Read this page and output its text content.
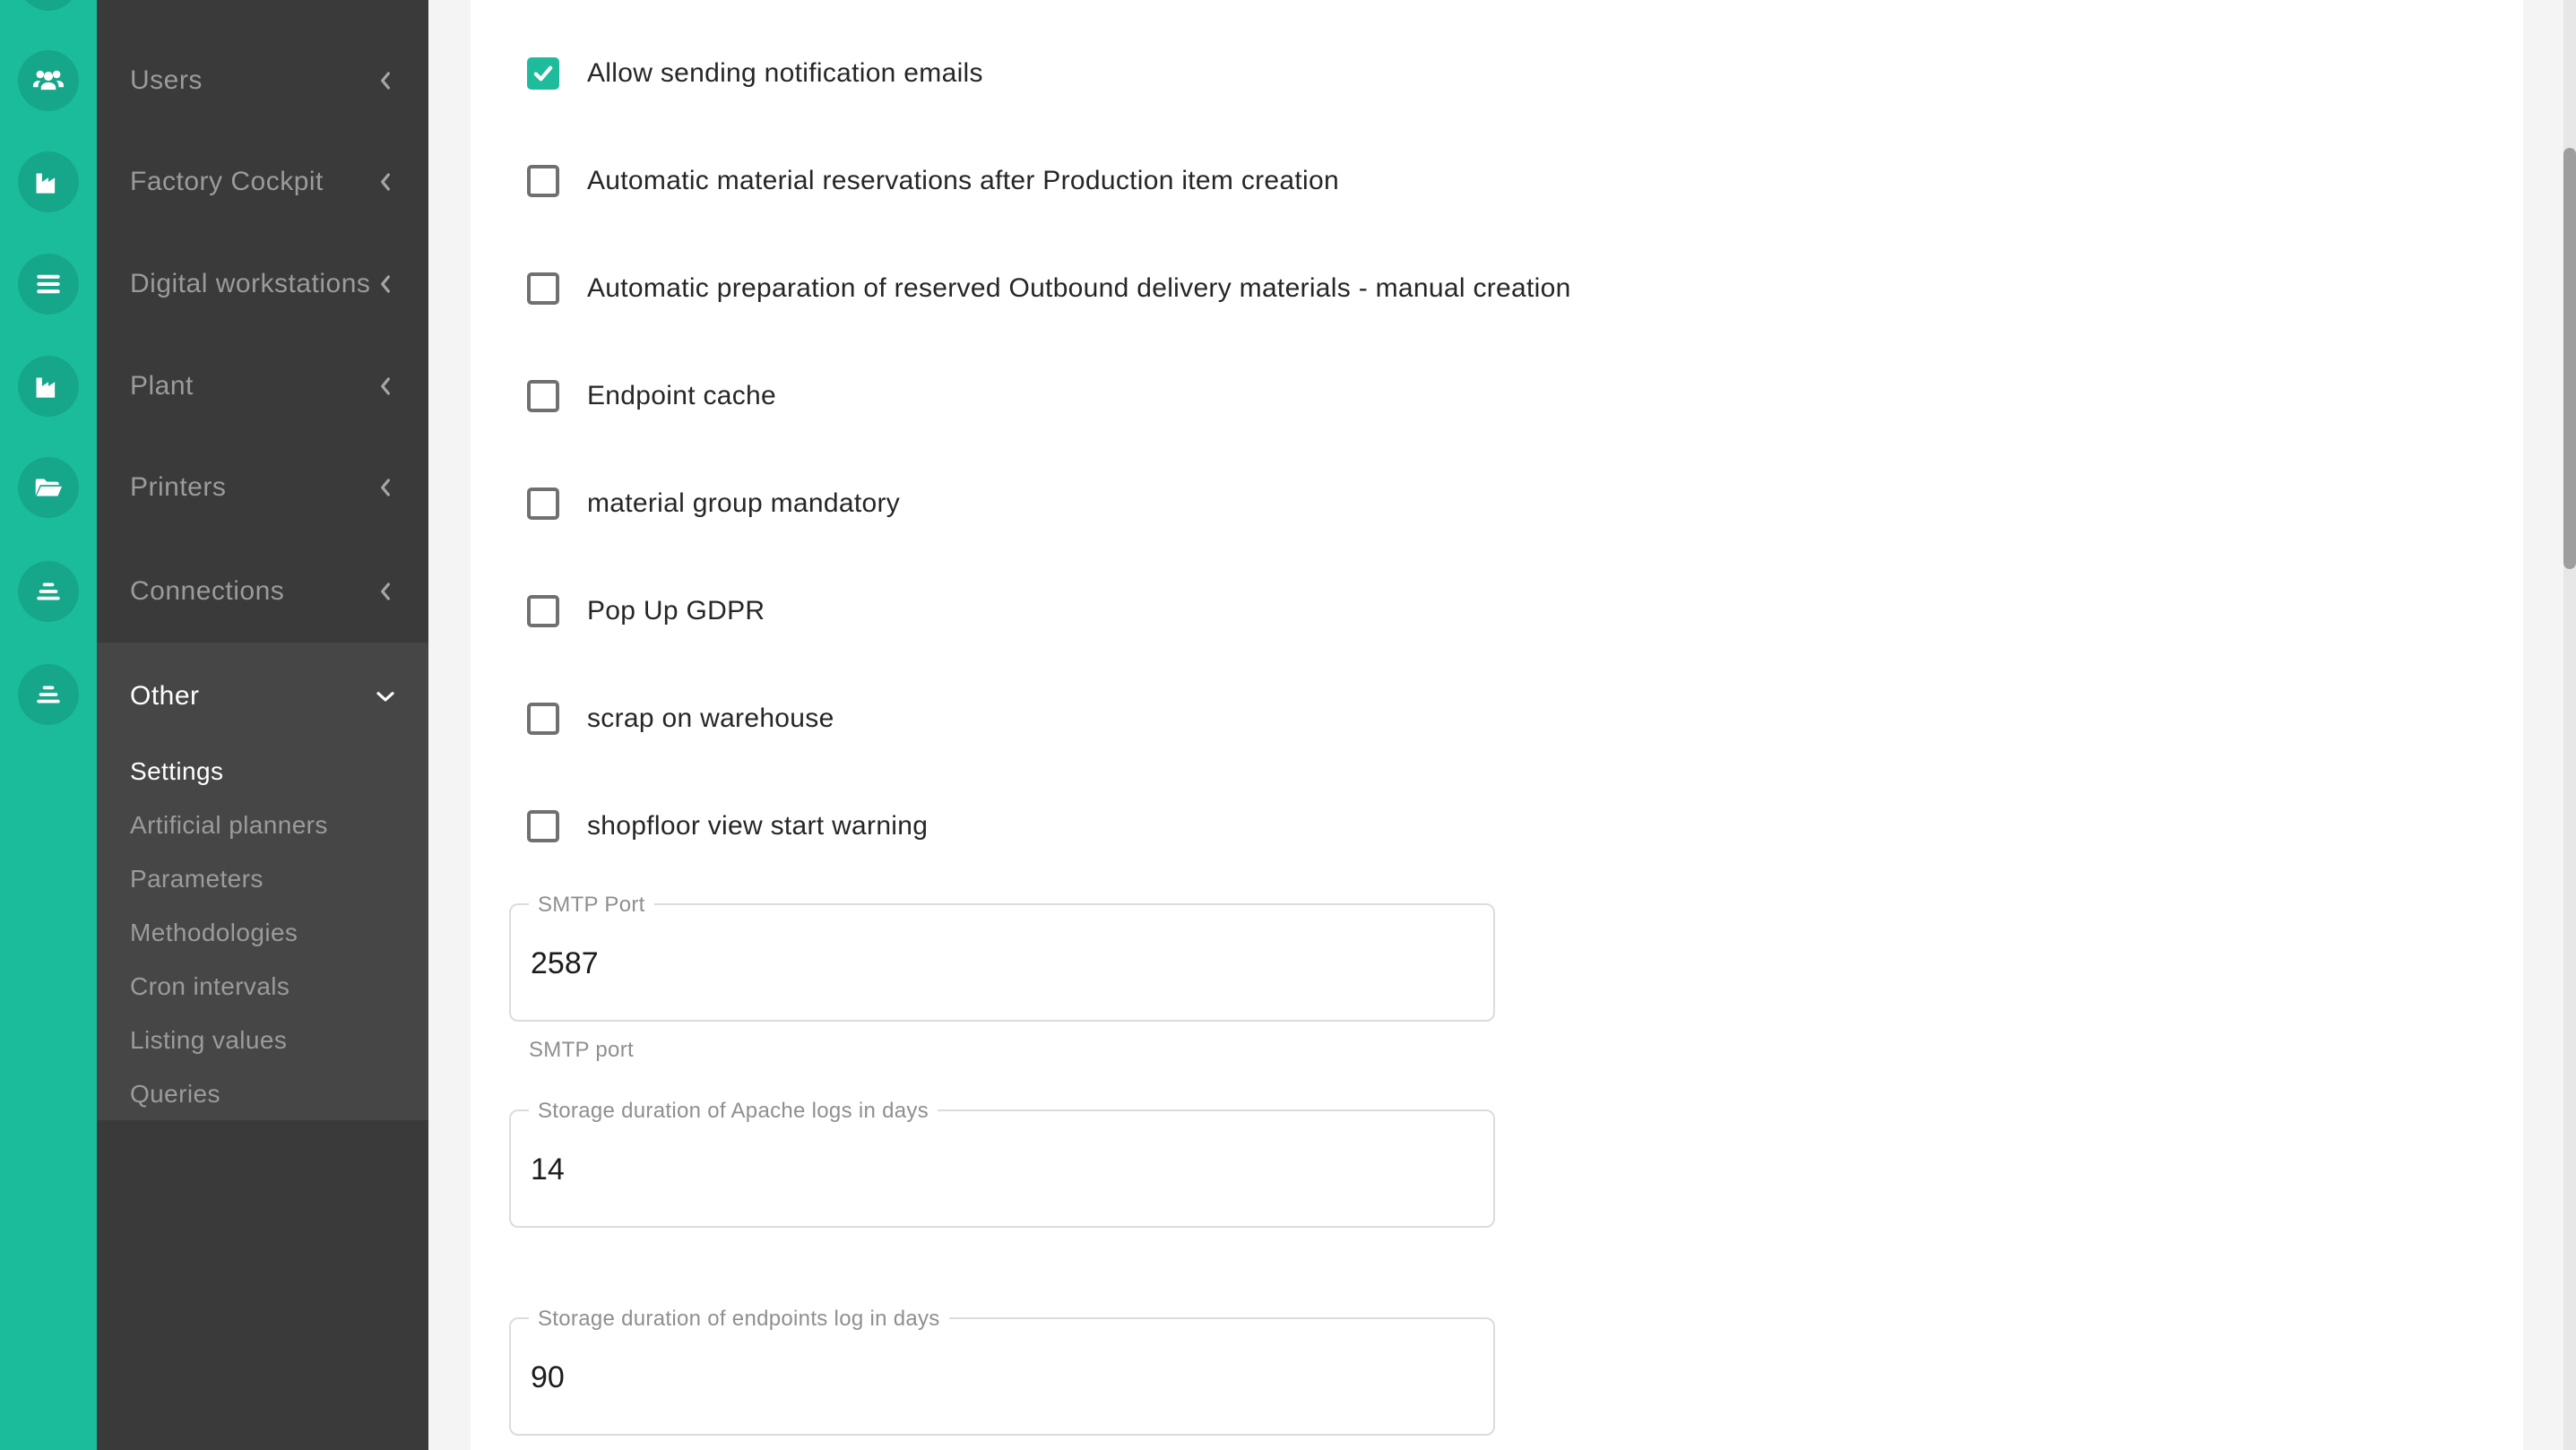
Users
Factory Cockpit
Digital workstations
Plant
Printers
Connections
Other
Settings
Artificial planners
Parameters
Methodologies
Cron intervals
Listing values
Queries
Allow sending notification emails
Automatic material reservations after Production item creation
Automatic preparation of reserved Outbound delivery materials - manual creation
Endpoint cache
material group mandatory
Pop Up GDPR
scrap on warehouse
shopfloor view start warning
SMTP Port
2587
SMTP port
Storage duration of Apache logs in days
14
Storage duration of endpoints log in days
90
